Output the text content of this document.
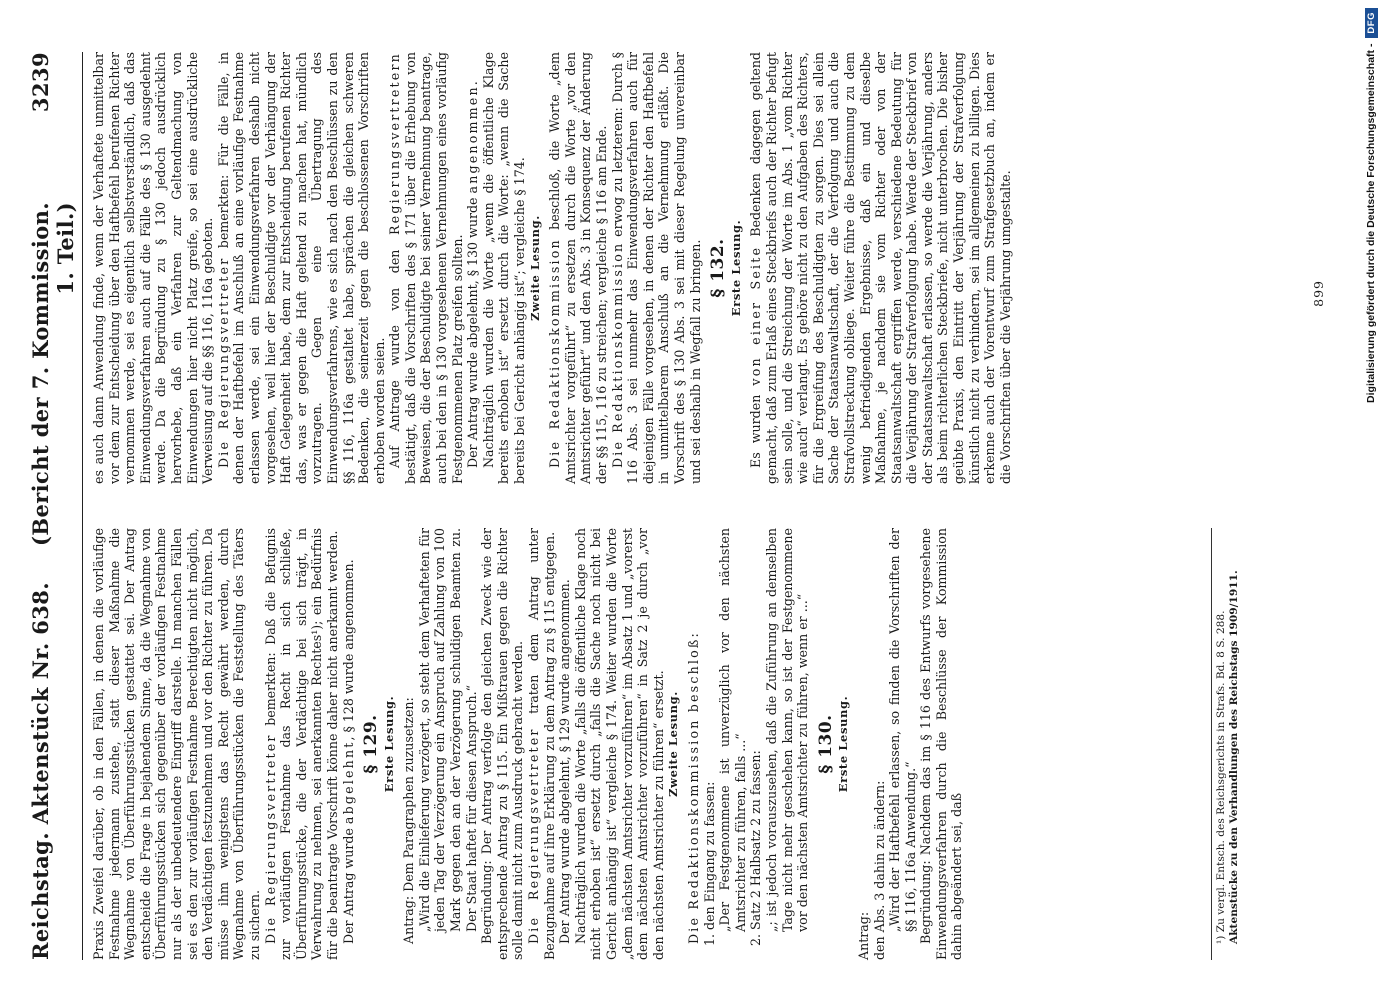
Reichstag. Aktenstück Nr. 638.
(Bericht der 7. Kommission. 1. Teil.)
3239

Praxis Zweifel darüber, ob in den Fällen, in denen die vorläufige Festnahme jedermann zustehe, statt dieser Maßnahme die Wegnahme von Überführungsstücken gestattet sei. Der Antrag entscheide die Frage in bejahendem Sinne, da die Wegnahme von Überführungsstücken sich gegenüber der vorläufigen Festnahme nur als der unbedeutendere Eingriff darstelle. In manchen Fällen sei es den zur vorläufigen Festnahme Berechtigten nicht möglich, den Verdächtigen festzunehmen und vor den Richter zu führen. Da müsse ihm wenigstens das Recht gewährt werden, durch Wegnahme von Überführungsstücken die Feststellung des Täters zu sichern. Die Regierungsvertreter bemerkten: Daß die Befugnis zur vorläufigen Festnahme das Recht in sich schließe, Überführungsstücke, die der Verdächtige bei sich trägt, in Verwahrung zu nehmen, sei anerkannten Rechtes¹); ein Bedürfnis für die beantragte Vorschrift könne daher nicht anerkannt werden. Der Antrag wurde abgelehnt, § 128 wurde angenommen.

§ 129. Erste Lesung. Antrag: Dem Paragraphen zuzusetzen: „Wird die Einlieferung verzögert, so steht dem Verhafteten für jeden Tag der Verzögerung ein Anspruch auf Zahlung von 100 Mark gegen den an der Verzögerung schuldigen Beamten zu. Der Staat haftet für diesen Anspruch.“ Begründung: Der Antrag verfolge den gleichen Zweck wie der entsprechende Antrag zu § 115. Ein Mißtrauen gegen die Richter solle damit nicht zum Ausdruck gebracht werden. Die Regierungsvertreter traten dem Antrag unter Bezugnahme auf ihre Erklärung zu dem Antrag zu § 115 entgegen. Der Antrag wurde abgelehnt, § 129 wurde angenommen. Nachträglich wurden die Worte „falls die öffentliche Klage noch nicht erhoben ist“ ersetzt durch „falls die Sache noch nicht bei Gericht anhängig ist“ vergleiche § 174. Weiter wurden die Worte „dem nächsten Amtsrichter vorzuführen“ im Absatz 1 und „vorerst dem nächsten Amtsrichter vorzuführen“ in Satz 2 je durch „vor den nächsten Amtsrichter zu führen“ ersetzt. Zweite Lesung. Die Redaktionskommission beschloß: 1. den Eingang zu fassen: „Der Festgenommene ist unverzüglich vor den nächsten Amtsrichter zu führen, falls ...“ 2. Satz 2 Halbsatz 2 zu fassen: „; ist jedoch vorauszusehen, daß die Zuführung an demselben Tage nicht mehr geschehen kann, so ist der Festgenommene vor den nächsten Amtsrichter zu führen, wenn er ...“ § 130. Erste Lesung.

Antrag: den Abs. 3 dahin zu ändern: „Wird der Haftbefehl erlassen, so finden die Vorschriften der §§ 116, 116a Anwendung.“ Begründung: Nachdem das im § 116 des Entwurfs vorgesehene Einwendungsverfahren durch die Beschlüsse der Kommission dahin abgeändert sei, daß	¹) Zu vergl. Entsch. des Reichsgerichts in Strafs. Bd. 8 S. 288. Aktenstücke zu den Verhandlungen des Reichstags 1909/1911.

es auch dann Anwendung finde, wenn der Verhaftete unmittelbar vor dem zur Entscheidung über den Haftbefehl berufenen Richter vernommen werde, sei es eigentlich selbstverständlich, daß das Einwendungsverfahren auch auf die Fälle des § 130 ausgedehnt werde. Da die Begründung zu § 130 jedoch ausdrücklich hervorhebe, daß ein Verfahren zur Geltendmachung von Einwendungen hier nicht Platz greife, so sei eine ausdrückliche Verweisung auf die §§ 116, 116a geboten. Die Regierungsvertreter bemerkten: Für die Fälle, in denen der Haftbefehl im Anschluß an eine vorläufige Festnahme erlassen werde, sei ein Einwendungsverfahren deshalb nicht vorgesehen, weil hier der Beschuldigte vor der Verhängung der Haft Gelegenheit habe, dem zur Entscheidung berufenen Richter das, was er gegen die Haft geltend zu machen hat, mündlich vorzutragen. Gegen eine Übertragung des Einwendungsverfahrens, wie es sich nach den Beschlüssen zu den §§ 116, 116a gestaltet habe, sprächen die gleichen schweren Bedenken, die seinerzeit gegen die beschlossenen Vorschriften erhoben worden seien. Auf Antrage wurde von den Regierungsvertretern bestätigt, daß die Vorschriften des § 171 über die Erhebung von Beweisen, die der Beschuldigte bei seiner Vernehmung beantrage, auch bei den in § 130 vorgesehenen Vernehmungen eines vorläufig Festgenommenen Platz greifen sollten. Der Antrag wurde abgelehnt, § 130 wurde angenommen. Nachträglich wurden die Worte „wenn die öffentliche Klage bereits erhoben ist“ ersetzt durch die Worte: „wenn die Sache bereits bei Gericht anhängig ist“; vergleiche § 174. Zweite Lesung. Die Redaktionskommission beschloß, die Worte „dem Amtsrichter vorgeführt“ zu ersetzen durch die Worte „vor den Amtsrichter geführt“ und den Abs. 3 in Konsequenz der Änderung der §§ 115, 116 zu streichen; vergleiche § 116 am Ende. Die Redaktionskommission erwog zu letzterem: Durch § 116 Abs. 3 sei nunmehr das Einwendungsverfahren auch für diejenigen Fälle vorgesehen, in denen der Richter den Haftbefehl in unmittelbarem Anschluß an die Vernehmung erläßt. Die Vorschrift des § 130 Abs. 3 sei mit dieser Regelung unvereinbar und sei deshalb in Wegfall zu bringen. § 132. Erste Lesung.

Es wurden von einer Seite Bedenken dagegen geltend gemacht, daß zum Erlaß eines Steckbriefs auch der Richter befugt sein solle, und die Streichung der Worte im Abs. 1 „vom Richter wie auch“ verlangt. Es gehöre nicht zu den Aufgaben des Richters, für die Ergreifung des Beschuldigten zu sorgen. Dies sei allein Sache der Staatsanwaltschaft, der die Verfolgung und auch die Strafvollstreckung obliege. Weiter führe die Bestimmung zu dem wenig befriedigenden Ergebnisse, daß ein und dieselbe Maßnahme, je nachdem sie vom Richter oder von der Staatsanwaltschaft ergriffen werde, verschiedene Bedeutung für die Verjährung der Strafverfolgung habe. Werde der Steckbrief von der Staatsanwaltschaft erlassen, so werde die Verjährung, anders als beim richterlichen Steckbriefe, nicht unterbrochen. Die bisher geübte Praxis, den Eintritt der Verjährung der Strafverfolgung künstlich nicht zu verhindern, sei im allgemeinen zu billigen. Dies erkenne auch der Vorentwurf zum Strafgesetzbuch an, indem er die Vorschriften über die Verjährung umgestalte.	899	Digitalisierung gefördert durch die Deutsche Forschungsgemeinschaft -
DFG
